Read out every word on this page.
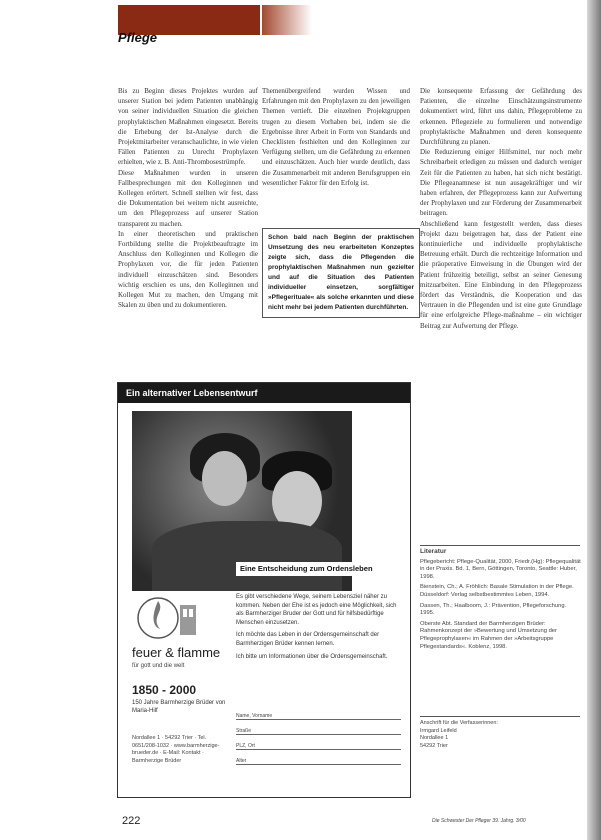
Pflege

Bis zu Beginn dieses Projektes wurden auf unserer Station bei jedem Patienten unabhängig von seiner individuellen Situation die gleichen prophylaktischen Maßnahmen eingesetzt. Bereits die Erhebung der Ist-Analyse durch die Projektmitarbeiter veranschaulichte, in wie vielen Fällen Patienten zu Unrecht Prophylaxen erhielten, wie z. B. Anti-Thrombosestrümpfe.

Diese Maßnahmen wurden in unseren Fallbesprechungen mit den Kolleginnen und Kollegen erörtert. Schnell stellten wir fest, dass die Dokumentation bei weitem nicht ausreichte, um den Pflegeprozess auf unserer Station transparent zu machen.

In einer theoretischen und praktischen Fortbildung stellte die Projektbeauftragte im Anschluss den Kolleginnen und Kollegen die Prophylaxen vor, die für jeden Patienten individuell einzuschätzen sind. Besonders wichtig erschien es uns, den Kolleginnen und Kollegen Mut zu machen, den Umgang mit Skalen zu üben und zu dokumentieren.

Themenübergreifend wurden Wissen und Erfahrungen mit den Prophylaxen zu den jeweiligen Themen vertieft. Die einzelnen Projektgruppen trugen zu diesem Vorhaben bei, indem sie die Ergebnisse ihrer Arbeit in Form von Standards und Checklisten festhielten und den Kolleginnen zur Verfügung stellten, um die Gefährdung zu erkennen und einzuschätzen. Auch hier wurde deutlich, dass die Zusammenarbeit mit anderen Berufsgruppen ein wesentlicher Faktor für den Erfolg ist.

Schon bald nach Beginn der praktischen Umsetzung des neu erarbeiteten Konzeptes zeigte sich, dass die Pflegenden die prophylaktischen Maßnahmen nun gezielter und auf die Situation des Patienten individueller einsetzen, sorgfältiger »Pflegerituale« als solche erkannten und diese nicht mehr bei jedem Patienten durchführten.

Die konsequente Erfassung der Gefährdung des Patienten, die einzelne Einschätzungsinstrumente dokumentiert wird, führt uns dahin, Pflegeprobleme zu erkennen. Pflegeziele zu formulieren und notwendige prophylaktische Maßnahmen und deren konsequente Durchführung zu planen.

Die Reduzierung einiger Hilfsmittel, nur noch mehr Schreibarbeit erledigen zu müssen und dadurch weniger Zeit für die Patienten zu haben, hat sich nicht bestätigt. Die Pflegeanamnese ist nun ausagekräftiger und wir haben erfahren, der Pflegeprozess kann zur Aufwertung der Prophylaxen und zur Förderung der Zusammenarbeit beitragen.

Abschließend kann festgestellt werden, dass dieses Projekt dazu beigetragen hat, dass der Patient eine kontinuierliche und individuelle prophylaktische Betreuung erhält. Durch die rechtzeitige Information und die präoperative Einweisung in die Übungen wird der Patient frühzeitig beteiligt, selbst an seiner Genesung mitzuarbeiten. Eine Einbindung in den Pflegeprozess fördert das Verständnis, die Kooperation und das Vertrauen in die Pflegenden und ist eine gute Grundlage für eine erfolgreiche Pflege-maßnahme – ein wichtiger Beitrag zur Aufwertung der Pflege.

Ein alternativer Lebensentwurf
Eine Entscheidung zum Ordensleben

Es gibt verschiedene Wege, seinem Lebensziel näher zu kommen. Neben der Ehe ist es jedoch eine Möglichkeit, sich als Barmherziger Bruder der Gott und für hilfsbedürftige Menschen einzusetzen.

Ich möchte das Leben in der Ordensgemeinschaft der Barmherzigen Brüder kennen lernen.

Ich bitte um Informationen über die Ordensgemeinschaft.

Name, Vorname
Straße
PLZ, Ort
Alter
feuer & flamme
für gott und die welt
1850 - 2000
150 Jahre Barmherzige Brüder von Maria-Hilf
Nordallee 1 · 54292 Trier · Tel. 0651/208-1032 · www.barmherzige-brueder.de · E-Mail: Kontakt · Barmherzige Brüder
Literatur

Pflegebericht: Pflege-Qualität, 2000, Friedr.(Hg): Pflegequalität in der Praxis. Bd. 1, Bern, Göttingen, Toronto, Seattle: Huber, 1998.

Bienstein, Ch.; A. Fröhlich: Basale Stimulation in der Pflege. Düsseldorf: Verlag selbstbestimmtes Leben, 1994.

Dassen, Th.; Haalboom, J.: Prävention, Pflegeforschung. 1995.

Oberste Abt. Standard der Barmherzigen Brüder: Rahmenkonzept der »Bewertung und Umsetzung der Pflegeprophylaxen« im Rahmen der »Arbeitsgruppe Pflegestandards«. Koblenz, 1998.

Anschrift für die Verfasserinnen:
Irmgard Leifeld
Nordallee 1
54292 Trier
222	Die Schwester Der Pfleger 39. Jahrg. 3/00
